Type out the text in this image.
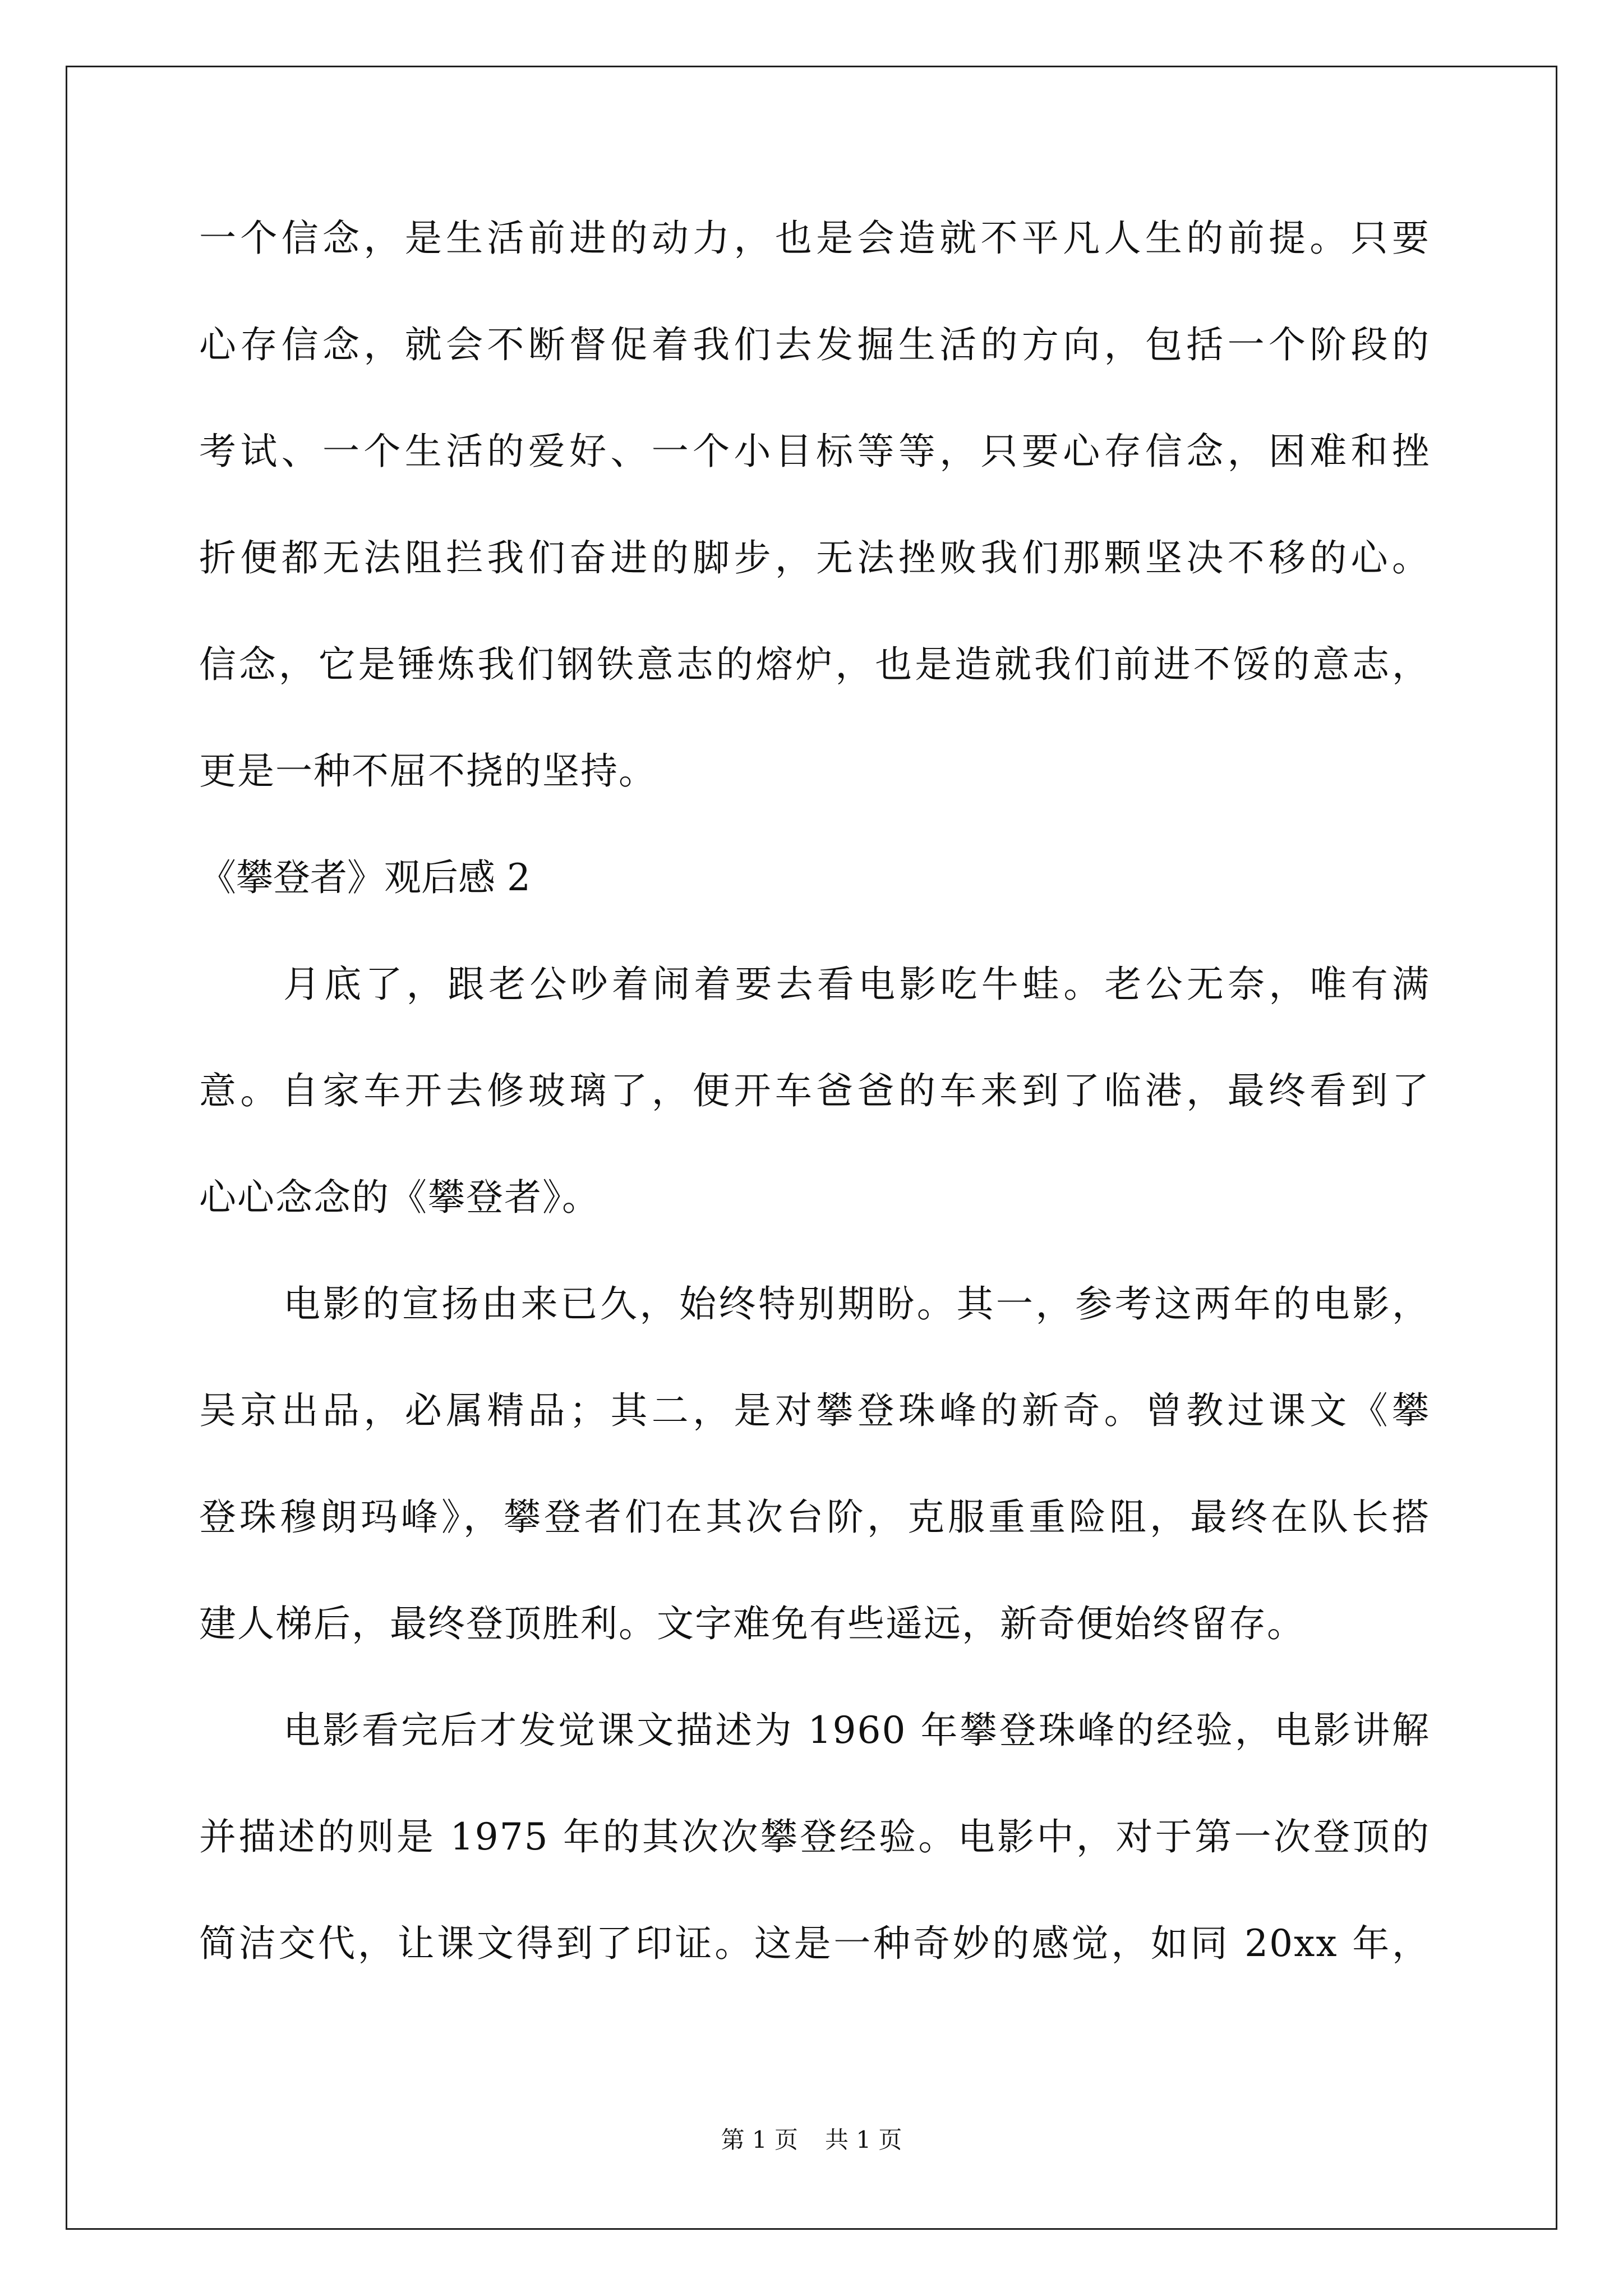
一个信念，是生活前进的动力，也是会造就不平凡人生的前提。只要
心存信念，就会不断督促着我们去发掘生活的方向，包括一个阶段的
考试、一个生活的爱好、一个小目标等等，只要心存信念，困难和挫
折便都无法阻拦我们奋进的脚步，无法挫败我们那颗坚决不移的心。
信念，它是锤炼我们钢铁意志的熔炉，也是造就我们前进不馁的意志，
更是一种不屈不挠的坚持。
《攀登者》观后感 2
月底了，跟老公吵着闹着要去看电影吃牛蛙。老公无奈，唯有满
意。自家车开去修玻璃了，便开车爸爸的车来到了临港，最终看到了
心心念念的《攀登者》。
电影的宣扬由来已久，始终特别期盼。其一，参考这两年的电影，
吴京出品，必属精品；其二，是对攀登珠峰的新奇。曾教过课文《攀
登珠穆朗玛峰》，攀登者们在其次台阶，克服重重险阻，最终在队长搭
建人梯后，最终登顶胜利。文字难免有些遥远，新奇便始终留存。
电影看完后才发觉课文描述为 1960 年攀登珠峰的经验，电影讲解
并描述的则是 1975 年的其次次攀登经验。电影中，对于第一次登顶的
简洁交代，让课文得到了印证。这是一种奇妙的感觉，如同 20xx 年，
第 1 页 共 1 页
